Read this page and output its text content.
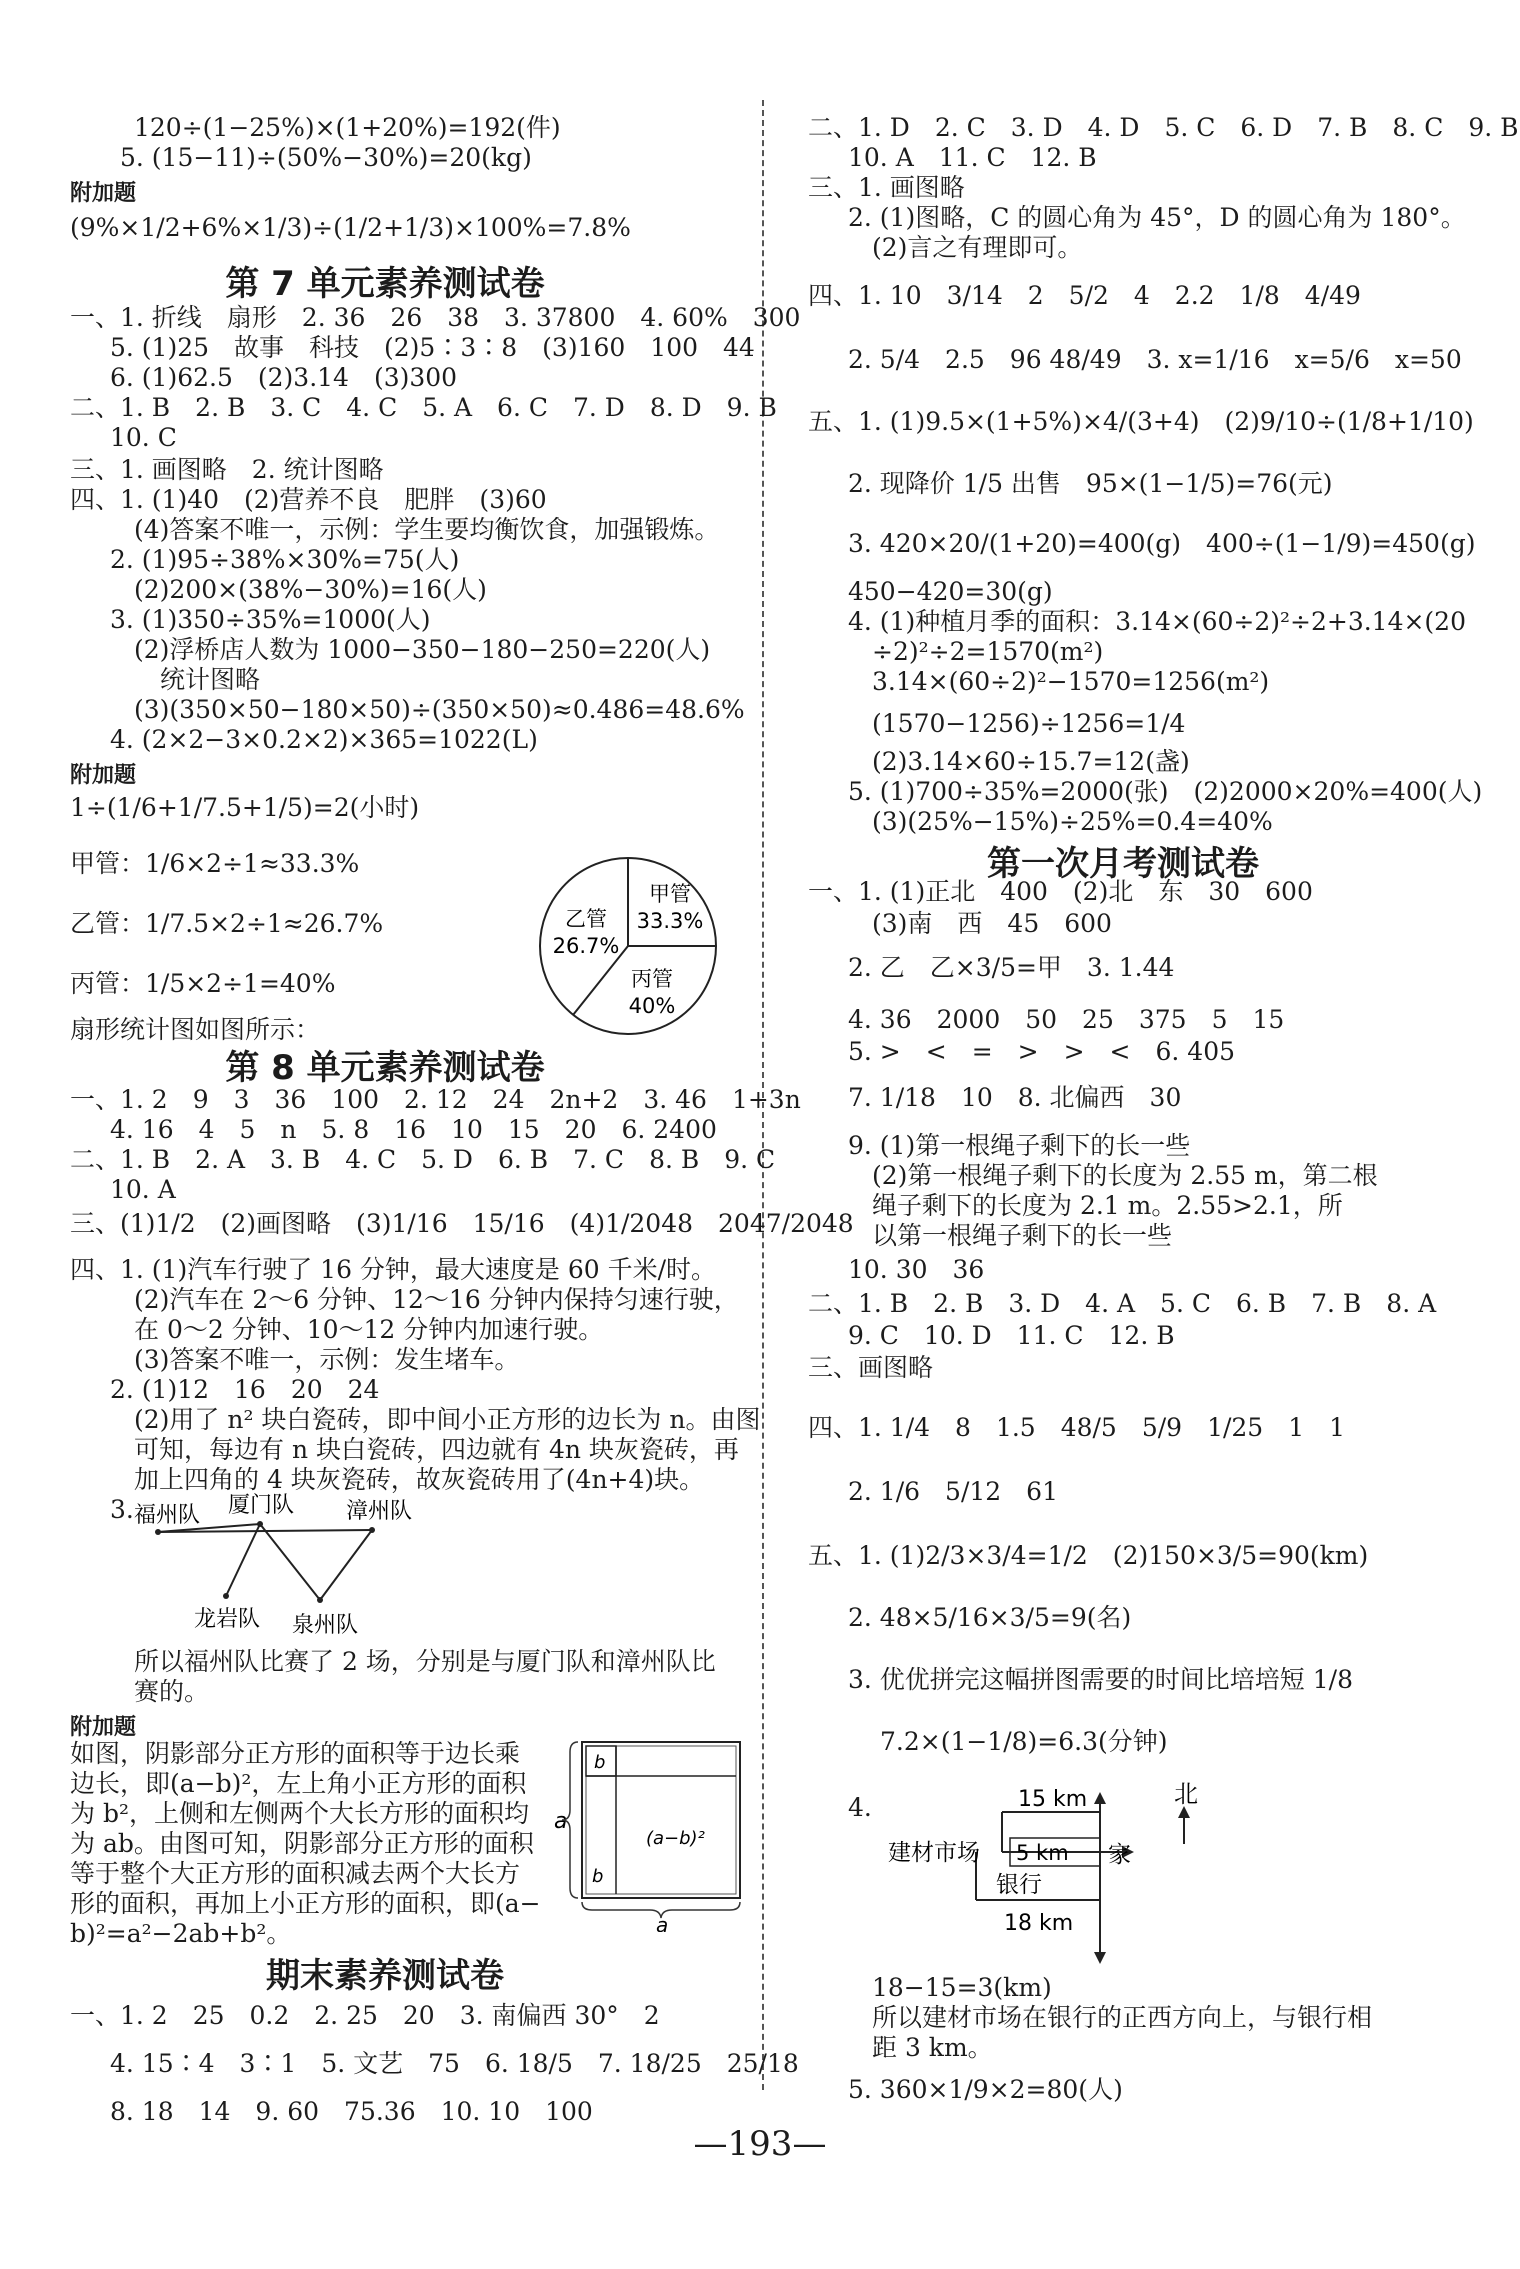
120÷(1−25%)×(1+20%)=192(件)
5. (15−11)÷(50%−30%)=20(kg)
附加题
(9%×1/2+6%×1/3)÷(1/2+1/3)×100%=7.8%
第 7 单元素养测试卷
一、1. 折线　扇形　2. 36　26　38　3. 37800　4. 60%　300
5. (1)25　故事　科技　(2)5∶3∶8　(3)160　100　44
6. (1)62.5　(2)3.14　(3)300
二、1. B　2. B　3. C　4. C　5. A　6. C　7. D　8. D　9. B
10. C
三、1. 画图略　2. 统计图略
四、1. (1)40　(2)营养不良　肥胖　(3)60
(4)答案不唯一，示例：学生要均衡饮食，加强锻炼。
2. (1)95÷38%×30%=75(人)
(2)200×(38%−30%)=16(人)
3. (1)350÷35%=1000(人)
(2)浮桥店人数为 1000−350−180−250=220(人)
统计图略
(3)(350×50−180×50)÷(350×50)≈0.486=48.6%
4. (2×2−3×0.2×2)×365=1022(L)
附加题
1÷(1/6+1/7.5+1/5)=2(小时)
甲管：1/6×2÷1≈33.3%
乙管：1/7.5×2÷1≈26.7%
丙管：1/5×2÷1=40%
扇形统计图如图所示：
甲管
33.3%
乙管
26.7%
丙管
40%
第 8 单元素养测试卷
一、1. 2　9　3　36　100　2. 12　24　2n+2　3. 46　1+3n
4. 16　4　5　n　5. 8　16　10　15　20　6. 2400
二、1. B　2. A　3. B　4. C　5. D　6. B　7. C　8. B　9. C
10. A
三、(1)1/2　(2)画图略　(3)1/16　15/16　(4)1/2048　2047/2048
四、1. (1)汽车行驶了 16 分钟，最大速度是 60 千米/时。
(2)汽车在 2～6 分钟、12～16 分钟内保持匀速行驶，
在 0～2 分钟、10～12 分钟内加速行驶。
(3)答案不唯一，示例：发生堵车。
2. (1)12　16　20　24
(2)用了 n² 块白瓷砖，即中间小正方形的边长为 n。由图
可知，每边有 n 块白瓷砖，四边就有 4n 块灰瓷砖，再
加上四角的 4 块灰瓷砖，故灰瓷砖用了(4n+4)块。
3. 福州队 厦门队 漳州队
龙岩队 泉州队
所以福州队比赛了 2 场，分别是与厦门队和漳州队比
赛的。
附加题
如图，阴影部分正方形的面积等于边长乘
边长，即(a−b)²，左上角小正方形的面积
为 b²，上侧和左侧两个大长方形的面积均
为 ab。由图可知，阴影部分正方形的面积
等于整个大正方形的面积减去两个大长方
形的面积，再加上小正方形的面积，即(a−
b)²=a²−2ab+b²。
a
b
b
(a−b)²
a
期末素养测试卷
一、1. 2　25　0.2　2. 25　20　3. 南偏西 30°　2
4. 15∶4　3∶1　5. 文艺　75　6. 18/5　7. 18/25　25/18
8. 18　14　9. 60　75.36　10. 10　100
二、1. D　2. C　3. D　4. D　5. C　6. D　7. B　8. C　9. B
10. A　11. C　12. B
三、1. 画图略
2. (1)图略，C 的圆心角为 45°，D 的圆心角为 180°。
(2)言之有理即可。
四、1. 10　3/14　2　5/2　4　2.2　1/8　4/49
2. 5/4　2.5　96 48/49　3. x=1/16　x=5/6　x=50
五、1. (1)9.5×(1+5%)×4/(3+4)　(2)9/10÷(1/8+1/10)
2. 现降价 1/5 出售　95×(1−1/5)=76(元)
3. 420×20/(1+20)=400(g)　400÷(1−1/9)=450(g)
450−420=30(g)
4. (1)种植月季的面积：3.14×(60÷2)²÷2+3.14×(20
÷2)²÷2=1570(m²)
3.14×(60÷2)²−1570=1256(m²)
(1570−1256)÷1256=1/4
(2)3.14×60÷15.7=12(盏)
5. (1)700÷35%=2000(张)　(2)2000×20%=400(人)
(3)(25%−15%)÷25%=0.4=40%
第一次月考测试卷
一、1. (1)正北　400　(2)北　东　30　600
(3)南　西　45　600
2. 乙　乙×3/5=甲　3. 1.44
4. 36　2000　50　25　375　5　15
5. >　<　=　>　>　<　6. 405
7. 1/18　10　8. 北偏西　30
9. (1)第一根绳子剩下的长一些
(2)第一根绳子剩下的长度为 2.55 m，第二根
绳子剩下的长度为 2.1 m。2.55>2.1，所
以第一根绳子剩下的长一些
10. 30　36
二、1. B　2. B　3. D　4. A　5. C　6. B　7. B　8. A
9. C　10. D　11. C　12. B
三、画图略
四、1. 1/4　8　1.5　48/5　5/9　1/25　1　1
2. 1/6　5/12　61
五、1. (1)2/3×3/4=1/2　(2)150×3/5=90(km)
2. 48×5/16×3/5=9(名)
3. 优优拼完这幅拼图需要的时间比培培短 1/8
7.2×(1−1/8)=6.3(分钟)
4.	北
15 km
5 km
建材市场	家
银行
18 km
18−15=3(km)
所以建材市场在银行的正西方向上，与银行相
距 3 km。
5. 360×1/9×2=80(人)
—193—
